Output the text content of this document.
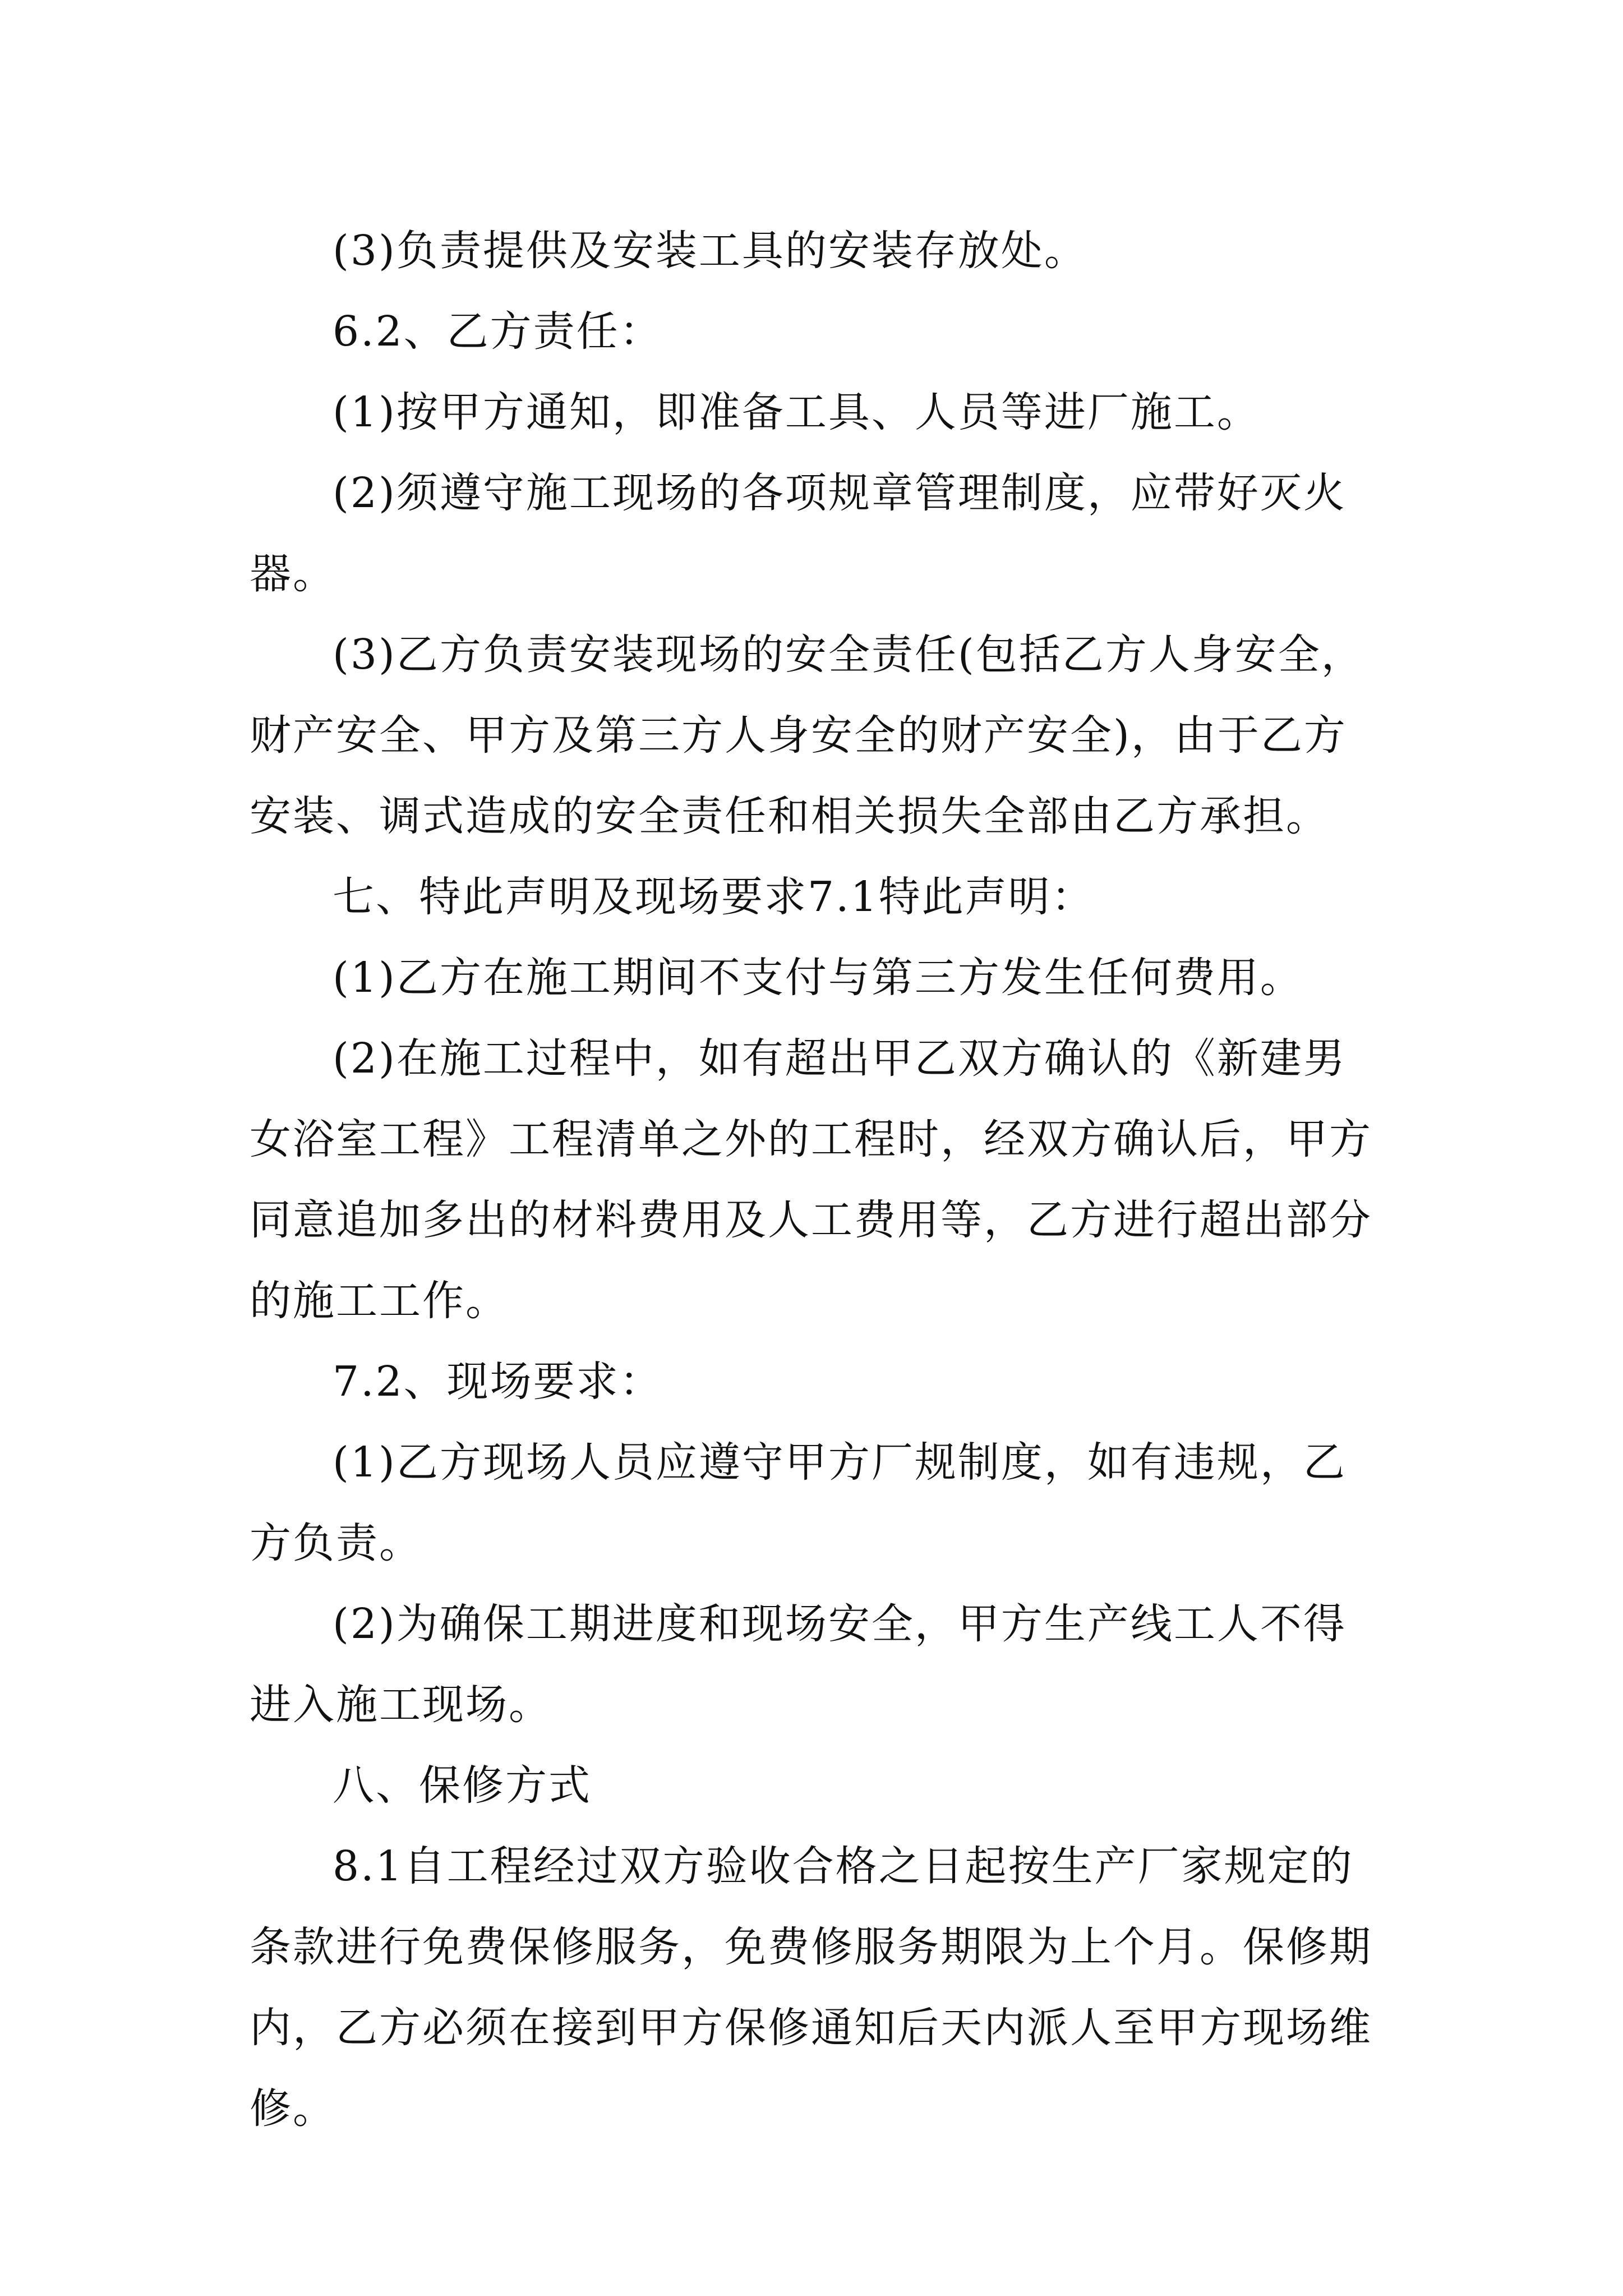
(3)负责提供及安装工具的安装存放处。
6.2、乙方责任：
(1)按甲方通知，即准备工具、人员等进厂施工。
(2)须遵守施工现场的各项规章管理制度，应带好灭火
器。
(3)乙方负责安装现场的安全责任(包括乙方人身安全，
财产安全、甲方及第三方人身安全的财产安全)，由于乙方
安装、调式造成的安全责任和相关损失全部由乙方承担。
七、特此声明及现场要求7.1特此声明：
(1)乙方在施工期间不支付与第三方发生任何费用。
(2)在施工过程中，如有超出甲乙双方确认的《新建男
女浴室工程》工程清单之外的工程时，经双方确认后，甲方
同意追加多出的材料费用及人工费用等，乙方进行超出部分
的施工工作。
7.2、现场要求：
(1)乙方现场人员应遵守甲方厂规制度，如有违规，乙
方负责。
(2)为确保工期进度和现场安全，甲方生产线工人不得
进入施工现场。
八、保修方式
8.1自工程经过双方验收合格之日起按生产厂家规定的
条款进行免费保修服务，免费修服务期限为上个月。保修期
内，乙方必须在接到甲方保修通知后天内派人至甲方现场维
修。
